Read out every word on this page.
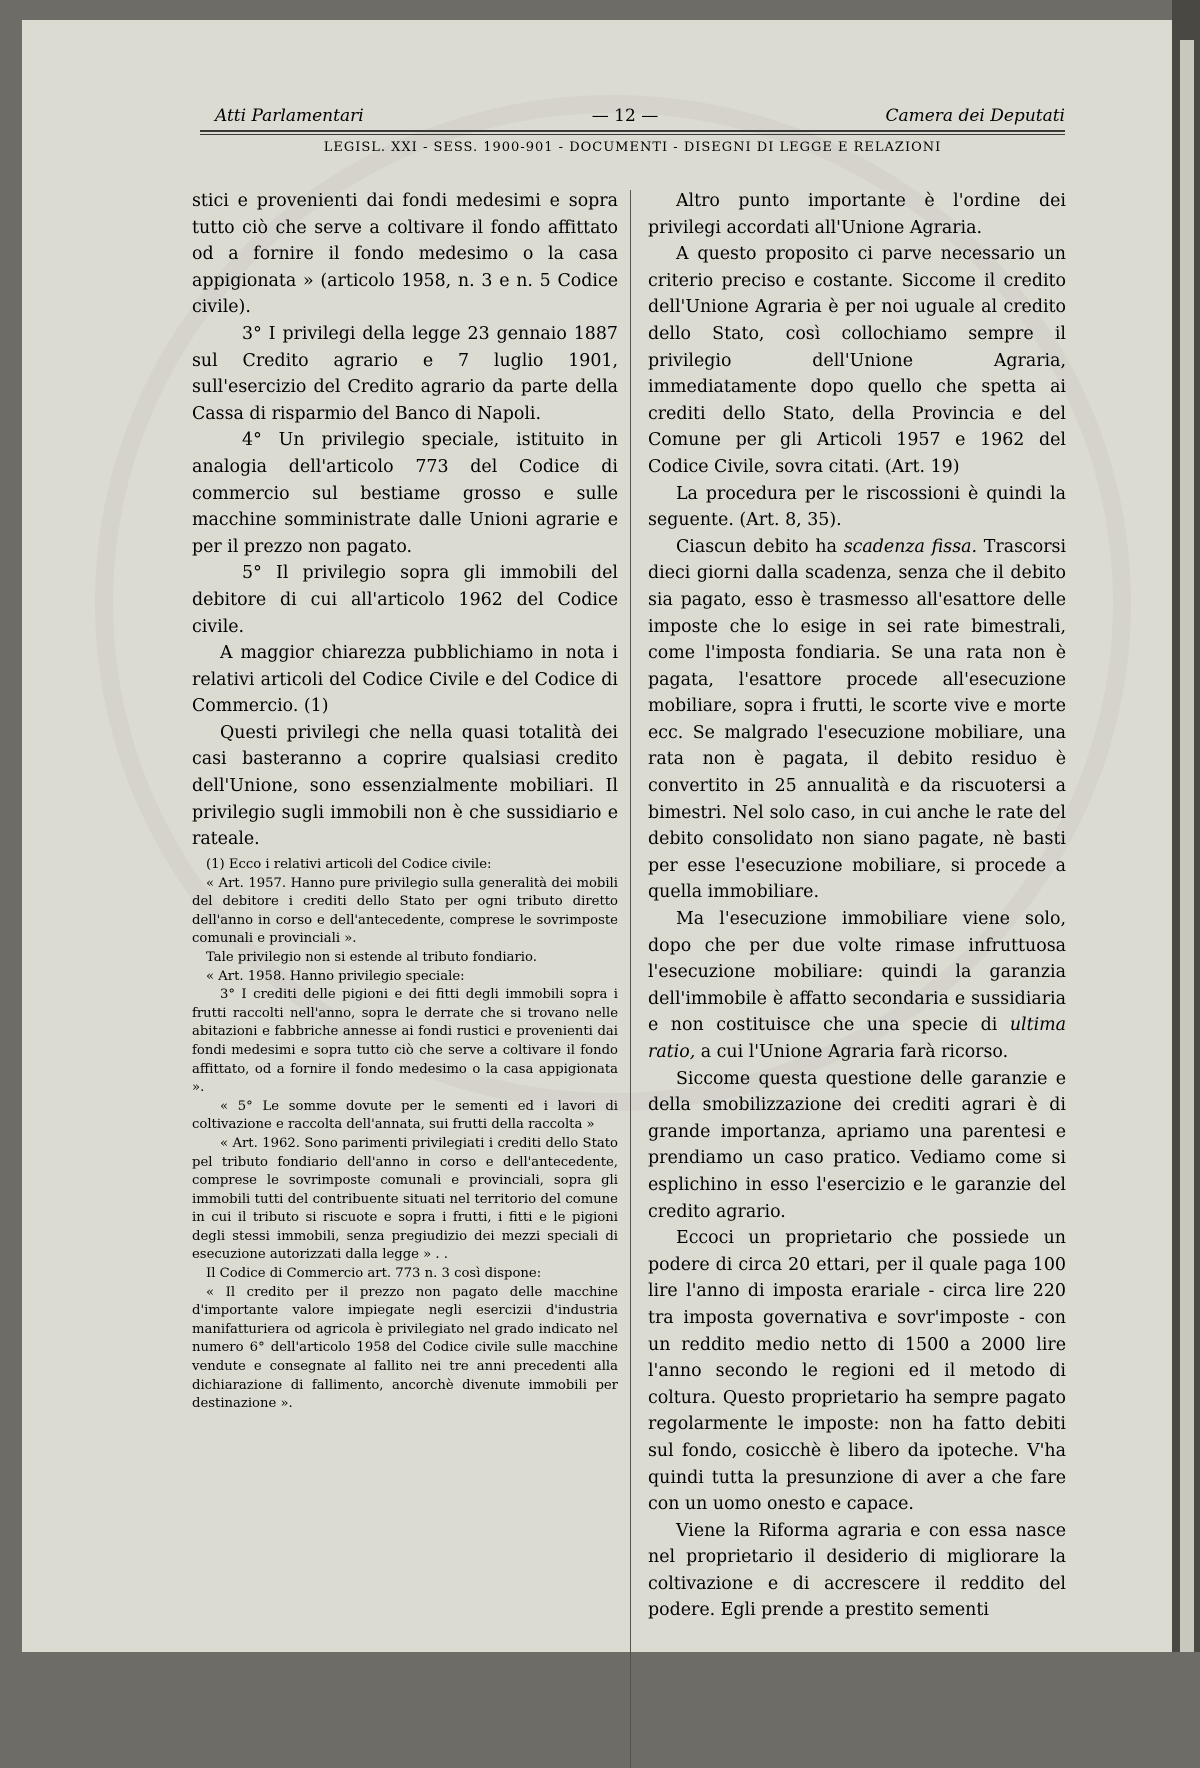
Atti Parlamentari	— 12 —	Camera dei Deputati
LEGISL. XXI - SESS. 1900-901 - DOCUMENTI - DISEGNI DI LEGGE E RELAZIONI

stici e provenienti dai fondi medesimi e sopra tutto ciò che serve a coltivare il fondo affittato od a fornire il fondo medesimo o la casa appigionata » (articolo 1958, n. 3 e n. 5 Codice civile).

3° I privilegi della legge 23 gennaio 1887 sul Credito agrario e 7 luglio 1901, sull'esercizio del Credito agrario da parte della Cassa di risparmio del Banco di Napoli.

4° Un privilegio speciale, istituito in analogia dell'articolo 773 del Codice di commercio sul bestiame grosso e sulle macchine somministrate dalle Unioni agrarie e per il prezzo non pagato.

5° Il privilegio sopra gli immobili del debitore di cui all'articolo 1962 del Codice civile.

A maggior chiarezza pubblichiamo in nota i relativi articoli del Codice Civile e del Codice di Commercio. (1)

Questi privilegi che nella quasi totalità dei casi basteranno a coprire qualsiasi credito dell'Unione, sono essenzialmente mobiliari. Il privilegio sugli immobili non è che sussidiario e rateale.

(1) Ecco i relativi articoli del Codice civile:

« Art. 1957. Hanno pure privilegio sulla generalità dei mobili del debitore i crediti dello Stato per ogni tributo diretto dell'anno in corso e dell'antecedente, comprese le sovrimposte comunali e provinciali ».

Tale privilegio non si estende al tributo fondiario.

« Art. 1958. Hanno privilegio speciale:

3° I crediti delle pigioni e dei fitti degli immobili sopra i frutti raccolti nell'anno, sopra le derrate che si trovano nelle abitazioni e fabbriche annesse ai fondi rustici e provenienti dai fondi medesimi e sopra tutto ciò che serve a coltivare il fondo affittato, od a fornire il fondo medesimo o la casa appigionata ».

« 5° Le somme dovute per le sementi ed i lavori di coltivazione e raccolta dell'annata, sui frutti della raccolta »

« Art. 1962. Sono parimenti privilegiati i crediti dello Stato pel tributo fondiario dell'anno in corso e dell'antecedente, comprese le sovrimposte comunali e provinciali, sopra gli immobili tutti del contribuente situati nel territorio del comune in cui il tributo si riscuote e sopra i frutti, i fitti e le pigioni degli stessi immobili, senza pregiudizio dei mezzi speciali di esecuzione autorizzati dalla legge » . .

Il Codice di Commercio art. 773 n. 3 così dispone:

« Il credito per il prezzo non pagato delle macchine d'importante valore impiegate negli esercizii d'industria manifatturiera od agricola è privilegiato nel grado indicato nel numero 6° dell'articolo 1958 del Codice civile sulle macchine vendute e consegnate al fallito nei tre anni precedenti alla dichiarazione di fallimento, ancorchè divenute immobili per destinazione ».

Altro punto importante è l'ordine dei privilegi accordati all'Unione Agraria.

A questo proposito ci parve necessario un criterio preciso e costante. Siccome il credito dell'Unione Agraria è per noi uguale al credito dello Stato, così collochiamo sempre il privilegio dell'Unione Agraria, immediatamente dopo quello che spetta ai crediti dello Stato, della Provincia e del Comune per gli Articoli 1957 e 1962 del Codice Civile, sovra citati. (Art. 19)

La procedura per le riscossioni è quindi la seguente. (Art. 8, 35).

Ciascun debito ha scadenza fissa. Trascorsi dieci giorni dalla scadenza, senza che il debito sia pagato, esso è trasmesso all'esattore delle imposte che lo esige in sei rate bimestrali, come l'imposta fondiaria. Se una rata non è pagata, l'esattore procede all'esecuzione mobiliare, sopra i frutti, le scorte vive e morte ecc. Se malgrado l'esecuzione mobiliare, una rata non è pagata, il debito residuo è convertito in 25 annualità e da riscuotersi a bimestri. Nel solo caso, in cui anche le rate del debito consolidato non siano pagate, nè basti per esse l'esecuzione mobiliare, si procede a quella immobiliare.

Ma l'esecuzione immobiliare viene solo, dopo che per due volte rimase infruttuosa l'esecuzione mobiliare: quindi la garanzia dell'immobile è affatto secondaria e sussidiaria e non costituisce che una specie di ultima ratio, a cui l'Unione Agraria farà ricorso.

Siccome questa questione delle garanzie e della smobilizzazione dei crediti agrari è di grande importanza, apriamo una parentesi e prendiamo un caso pratico. Vediamo come si esplichino in esso l'esercizio e le garanzie del credito agrario.

Eccoci un proprietario che possiede un podere di circa 20 ettari, per il quale paga 100 lire l'anno di imposta erariale - circa lire 220 tra imposta governativa e sovr'imposte - con un reddito medio netto di 1500 a 2000 lire l'anno secondo le regioni ed il metodo di coltura. Questo proprietario ha sempre pagato regolarmente le imposte: non ha fatto debiti sul fondo, cosicchè è libero da ipoteche. V'ha quindi tutta la presunzione di aver a che fare con un uomo onesto e capace.

Viene la Riforma agraria e con essa nasce nel proprietario il desiderio di migliorare la coltivazione e di accrescere il reddito del podere. Egli prende a prestito sementi
